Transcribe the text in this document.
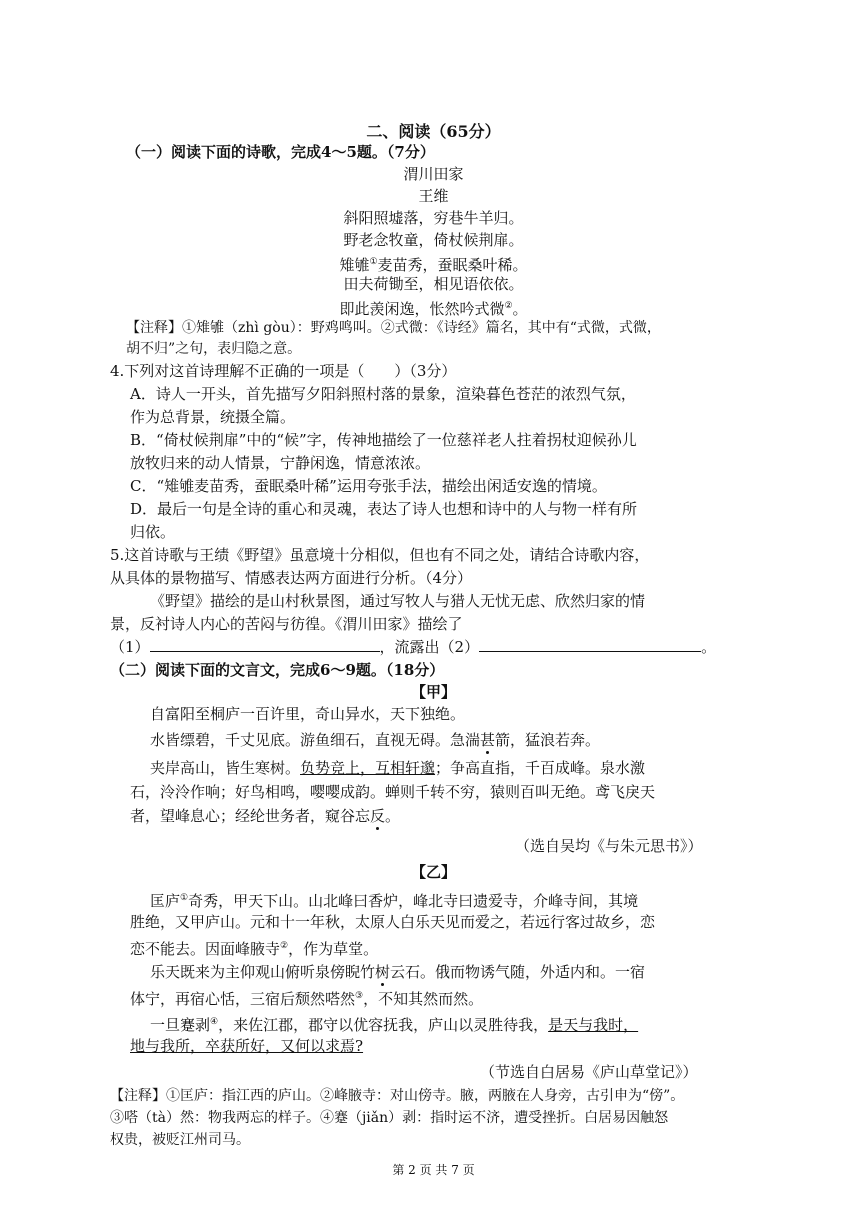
二、阅读（65分）
（一）阅读下面的诗歌，完成4～5题。（7分）
渭川田家
王维
斜阳照墟落，穷巷牛羊归。
野老念牧童，倚杖候荆扉。
雉雊①麦苗秀，蚕眠桑叶稀。
田夫荷锄至，相见语依依。
即此羡闲逸，怅然吟式微②。
【注释】①雉雊（zhì gòu）：野鸡鸣叫。②式微：《诗经》篇名，其中有“式微，式微，
胡不归”之句，表归隐之意。
4.下列对这首诗理解不正确的一项是（　　）（3分）
A．诗人一开头，首先描写夕阳斜照村落的景象，渲染暮色苍茫的浓烈气氛，
作为总背景，统摄全篇。
B．“倚杖候荆扉”中的“候”字，传神地描绘了一位慈祥老人拄着拐杖迎候孙儿
放牧归来的动人情景，宁静闲逸，情意浓浓。
C．“雉雊麦苗秀，蚕眠桑叶稀”运用夸张手法，描绘出闲适安逸的情境。
D．最后一句是全诗的重心和灵魂，表达了诗人也想和诗中的人与物一样有所
归依。
5.这首诗歌与王绩《野望》虽意境十分相似，但也有不同之处，请结合诗歌内容，
从具体的景物描写、情感表达两方面进行分析。（4分）
《野望》描绘的是山村秋景图，通过写牧人与猎人无忧无虑、欣然归家的情
景，反衬诗人内心的苦闷与彷徨。《渭川田家》描绘了
（1）	，流露出（2）	。
（二）阅读下面的文言文，完成6～9题。（18分）
【甲】
自富阳至桐庐一百许里，奇山异水，天下独绝。
水皆缥碧，千丈见底。游鱼细石，直视无碍。急湍甚箭，猛浪若奔。
夹岸高山，皆生寒树。负势竞上，互相轩邈；争高直指，千百成峰。泉水激
石，泠泠作响；好鸟相鸣，嘤嘤成韵。蝉则千转不穷，猿则百叫无绝。鸢飞戾天
者，望峰息心；经纶世务者，窥谷忘反。
（选自吴均《与朱元思书》）
【乙】
匡庐①奇秀，甲天下山。山北峰曰香炉，峰北寺曰遗爱寺，介峰寺间，其境
胜绝，又甲庐山。元和十一年秋，太原人白乐天见而爱之，若远行客过故乡，恋
恋不能去。因面峰腋寺②，作为草堂。
乐天既来为主仰观山俯听泉傍睨竹树云石。俄而物诱气随，外适内和。一宿
体宁，再宿心恬，三宿后颓然嗒然③，不知其然而然。
一旦蹇剥④，来佐江郡，郡守以优容抚我，庐山以灵胜待我，是天与我时，
地与我所，卒获所好，又何以求焉?
（节选自白居易《庐山草堂记》）
【注释】①匡庐：指江西的庐山。②峰腋寺：对山傍寺。腋，两腋在人身旁，古引申为“傍”。
③嗒（tà）然：物我两忘的样子。④蹇（jiǎn）剥：指时运不济，遭受挫折。白居易因触怒
权贵，被贬江州司马。
第 2 页 共 7 页
